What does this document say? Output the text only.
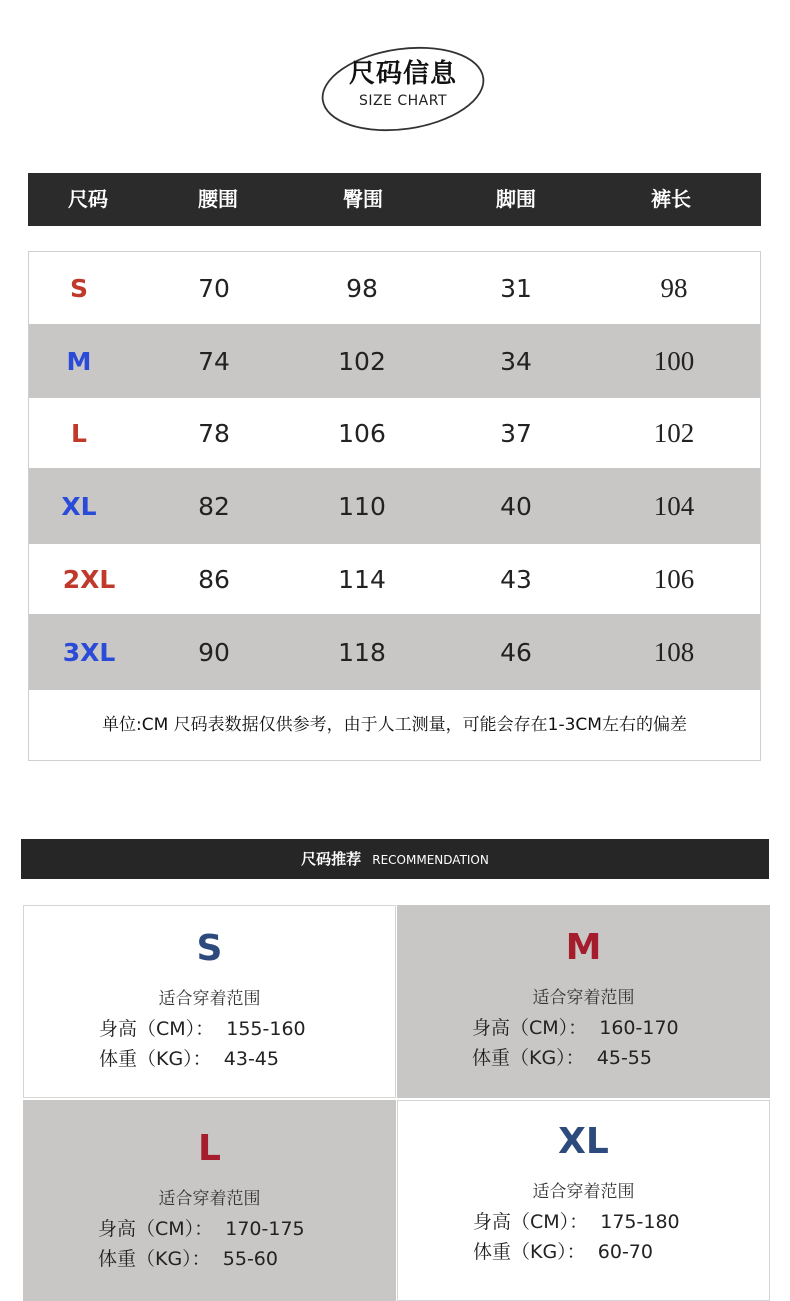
尺码信息
SIZE CHART
尺码	腰围	臀围	脚围	裤长
S	70	98	31	98
M	74	102	34	100
L	78	106	37	102
XL	82	110	40	104
2XL	86	114	43	106
3XL	90	118	46	108
单位:CM 尺码表数据仅供参考，由于人工测量，可能会存在1-3CM左右的偏差
尺码推荐 RECOMMENDATION
S
适合穿着范围
身高（CM）：  155-160
体重（KG）：  43-45
M
适合穿着范围
身高（CM）：  160-170
体重（KG）：  45-55
L
适合穿着范围
身高（CM）：  170-175
体重（KG）：  55-60
XL
适合穿着范围
身高（CM）：  175-180
体重（KG）：  60-70
